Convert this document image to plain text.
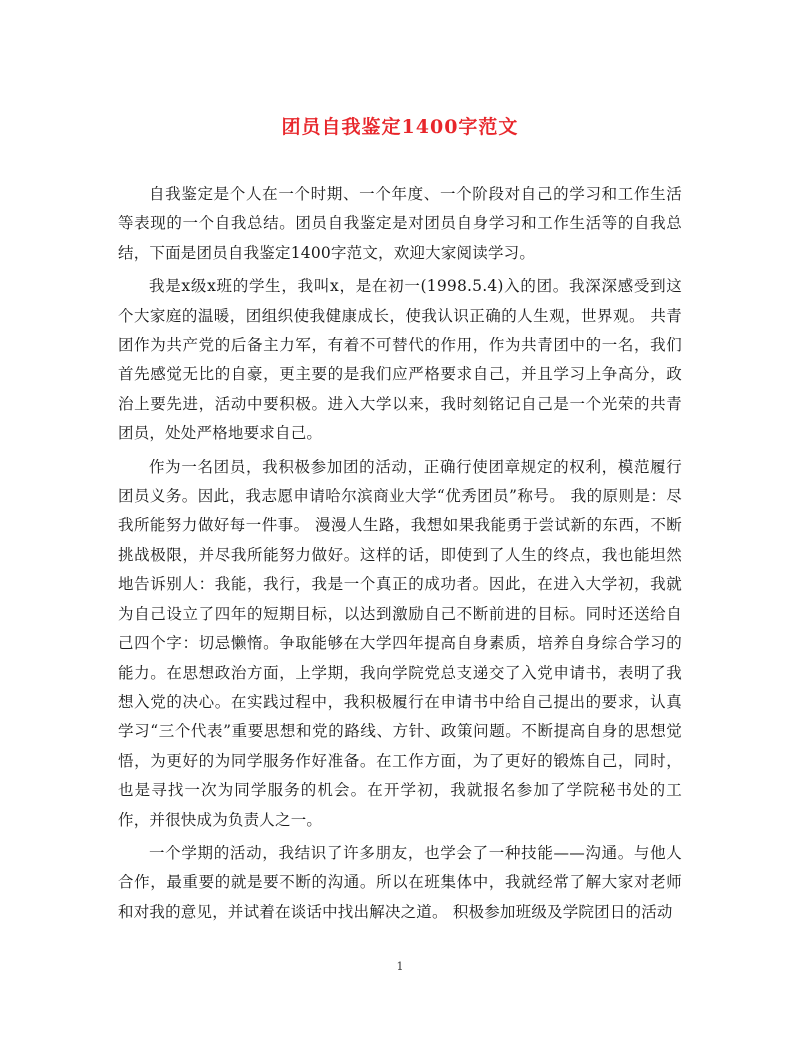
团员自我鉴定1400字范文

自我鉴定是个人在一个时期、一个年度、一个阶段对自己的学习和工作生活等表现的一个自我总结。团员自我鉴定是对团员自身学习和工作生活等的自我总结，下面是团员自我鉴定1400字范文，欢迎大家阅读学习。

我是x级x班的学生，我叫x，是在初一(1998.5.4)入的团。我深深感受到这个大家庭的温暖，团组织使我健康成长，使我认识正确的人生观，世界观。 共青团作为共产党的后备主力军，有着不可替代的作用，作为共青团中的一名，我们首先感觉无比的自豪，更主要的是我们应严格要求自己，并且学习上争高分，政治上要先进，活动中要积极。进入大学以来，我时刻铭记自己是一个光荣的共青团员，处处严格地要求自己。

作为一名团员，我积极参加团的活动，正确行使团章规定的权利，模范履行团员义务。因此，我志愿申请哈尔滨商业大学“优秀团员”称号。 我的原则是：尽我所能努力做好每一件事。 漫漫人生路，我想如果我能勇于尝试新的东西，不断挑战极限，并尽我所能努力做好。这样的话，即使到了人生的终点，我也能坦然地告诉别人：我能，我行，我是一个真正的成功者。因此，在进入大学初，我就为自己设立了四年的短期目标，以达到激励自己不断前进的目标。同时还送给自己四个字：切忌懒惰。争取能够在大学四年提高自身素质，培养自身综合学习的能力。在思想政治方面，上学期，我向学院党总支递交了入党申请书，表明了我想入党的决心。在实践过程中，我积极履行在申请书中给自己提出的要求，认真学习“三个代表”重要思想和党的路线、方针、政策问题。不断提高自身的思想觉悟，为更好的为同学服务作好准备。在工作方面，为了更好的锻炼自己，同时，也是寻找一次为同学服务的机会。在开学初，我就报名参加了学院秘书处的工作，并很快成为负责人之一。

一个学期的活动，我结识了许多朋友，也学会了一种技能——沟通。与他人合作，最重要的就是要不断的沟通。所以在班集体中，我就经常了解大家对老师和对我的意见，并试着在谈话中找出解决之道。 积极参加班级及学院团日的活动

1
